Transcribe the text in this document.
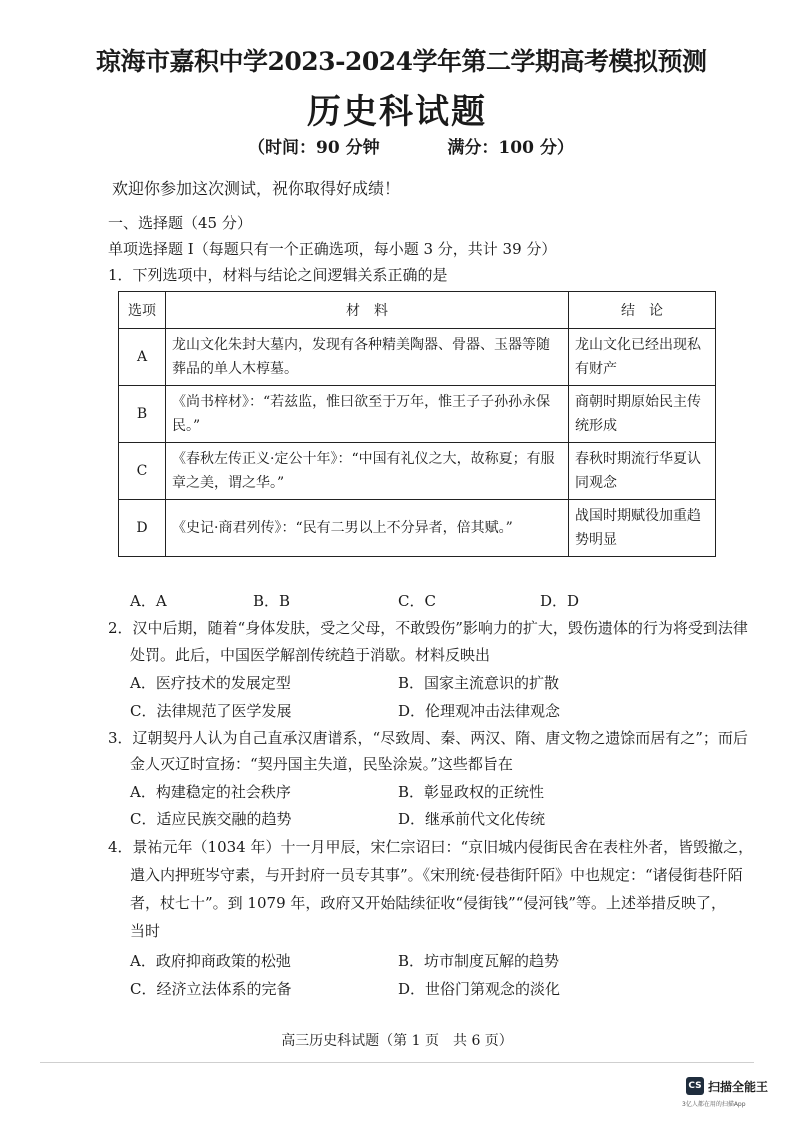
琼海市嘉积中学2023-2024学年第二学期高考模拟预测
历史科试题
（时间：90 分钟	满分：100 分）
欢迎你参加这次测试，祝你取得好成绩！
一、选择题（45 分）
单项选择题 I（每题只有一个正确选项，每小题 3 分，共计 39 分）
1．下列选项中，材料与结论之间逻辑关系正确的是
选项	材　料	结　论
A	龙山文化朱封大墓内，发现有各种精美陶器、骨器、玉器等随葬品的单人木椁墓。	龙山文化已经出现私有财产
B	《尚书梓材》：“若兹监，惟曰欲至于万年，惟王子子孙孙永保民。”	商朝时期原始民主传统形成
C	《春秋左传正义·定公十年》：“中国有礼仪之大，故称夏；有服章之美，谓之华。”	春秋时期流行华夏认同观念
D	《史记·商君列传》：“民有二男以上不分异者，倍其赋。”	战国时期赋役加重趋势明显
A．A	B．B	C．C	D．D
2．汉中后期，随着“身体发肤，受之父母，不敢毁伤”影响力的扩大，毁伤遗体的行为将受到法律
处罚。此后，中国医学解剖传统趋于消歇。材料反映出
A．医疗技术的发展定型	B．国家主流意识的扩散
C．法律规范了医学发展	D．伦理观冲击法律观念
3．辽朝契丹人认为自己直承汉唐谱系，“尽致周、秦、两汉、隋、唐文物之遗馀而居有之”；而后
金人灭辽时宣扬：“契丹国主失道，民坠涂炭。”这些都旨在
A．构建稳定的社会秩序	B．彰显政权的正统性
C．适应民族交融的趋势	D．继承前代文化传统
4．景祐元年（1034 年）十一月甲辰，宋仁宗诏曰：“京旧城内侵街民舍在表柱外者，皆毁撤之，
遣入内押班岑守素，与开封府一员专其事”。《宋刑统·侵巷街阡陌》中也规定：“诸侵街巷阡陌
者，杖七十”。到 1079 年，政府又开始陆续征收“侵街钱”“侵河钱”等。上述举措反映了，
当时
A．政府抑商政策的松弛	B．坊市制度瓦解的趋势
C．经济立法体系的完备	D．世俗门第观念的淡化
高三历史科试题（第 1 页　共 6 页）
CS 扫描全能王
3亿人都在用的扫描App
